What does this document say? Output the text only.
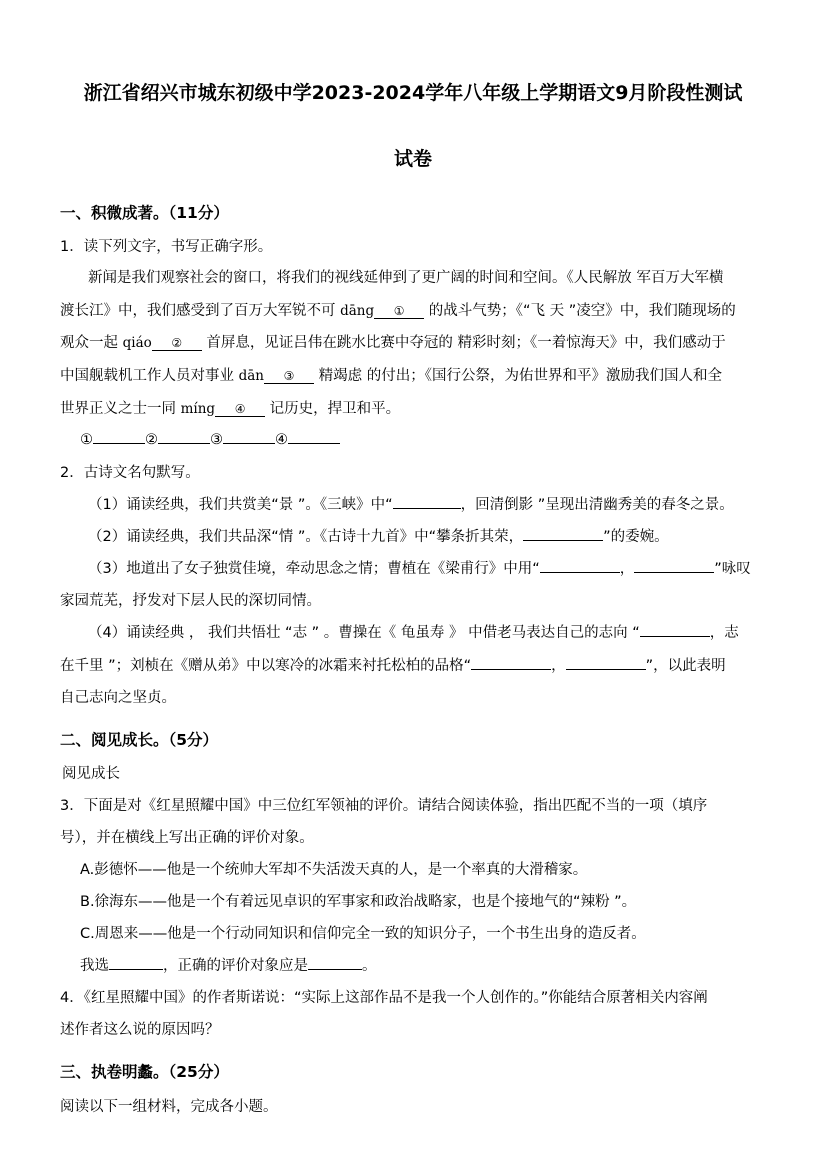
浙江省绍兴市城东初级中学2023-2024学年八年级上学期语文9月阶段性测试
试卷
一、积微成著。（11分）
1．读下列文字，书写正确字形。
新闻是我们观察社会的窗口，将我们的视线延伸到了更广阔的时间和空间。《人民解放 军百万大军横
渡长江》中，我们感受到了百万大军锐不可 dāng ① 的战斗气势；《“飞 天 ”凌空》中，我们随现场的
观众一起 qiáo ② 首屏息，见证吕伟在跳水比赛中夺冠的 精彩时刻；《一着惊海天》中，我们感动于
中国舰载机工作人员对事业 dān ③ 精竭虑 的付出；《国行公祭，为佑世界和平》激励我们国人和全
世界正义之士一同 míng ④ 记历史，捍卫和平。
①	②	③	④
2．古诗文名句默写。
（1）诵读经典，我们共赏美“景 ”。《三峡》中“	，回清倒影 ”呈现出清幽秀美的春冬之景。
（2）诵读经典，我们共品深“情 ”。《古诗十九首》中“攀条折其荣，	”的委婉。
（3）地道出了女子独赏佳境，牵动思念之情；曹植在《梁甫行》中用“	，	”咏叹
家园荒芜，抒发对下层人民的深切同情。
（4）诵读经典 ， 我们共悟壮 “志 ” 。曹操在《 龟虽寿 》 中借老马表达自己的志向 “	，志
在千里 ”；刘桢在《赠从弟》中以寒冷的冰霜来衬托松柏的品格“	，	”，以此表明
自己志向之坚贞。
二、阅见成长。（5分）
阅见成长
3．下面是对《红星照耀中国》中三位红军领袖的评价。请结合阅读体验，指出匹配不当的一项（填序
号），并在横线上写出正确的评价对象。
A.彭德怀——他是一个统帅大军却不失活泼天真的人，是一个率真的大滑稽家。
B.徐海东——他是一个有着远见卓识的军事家和政治战略家，也是个接地气的“辣粉 ”。
C.周恩来——他是一个行动同知识和信仰完全一致的知识分子，一个书生出身的造反者。
我选	，正确的评价对象应是	。
4．《红星照耀中国》的作者斯诺说：“实际上这部作品不是我一个人创作的。”你能结合原著相关内容阐
述作者这么说的原因吗？
三、执卷明蠡。（25分）
阅读以下一组材料，完成各小题。
